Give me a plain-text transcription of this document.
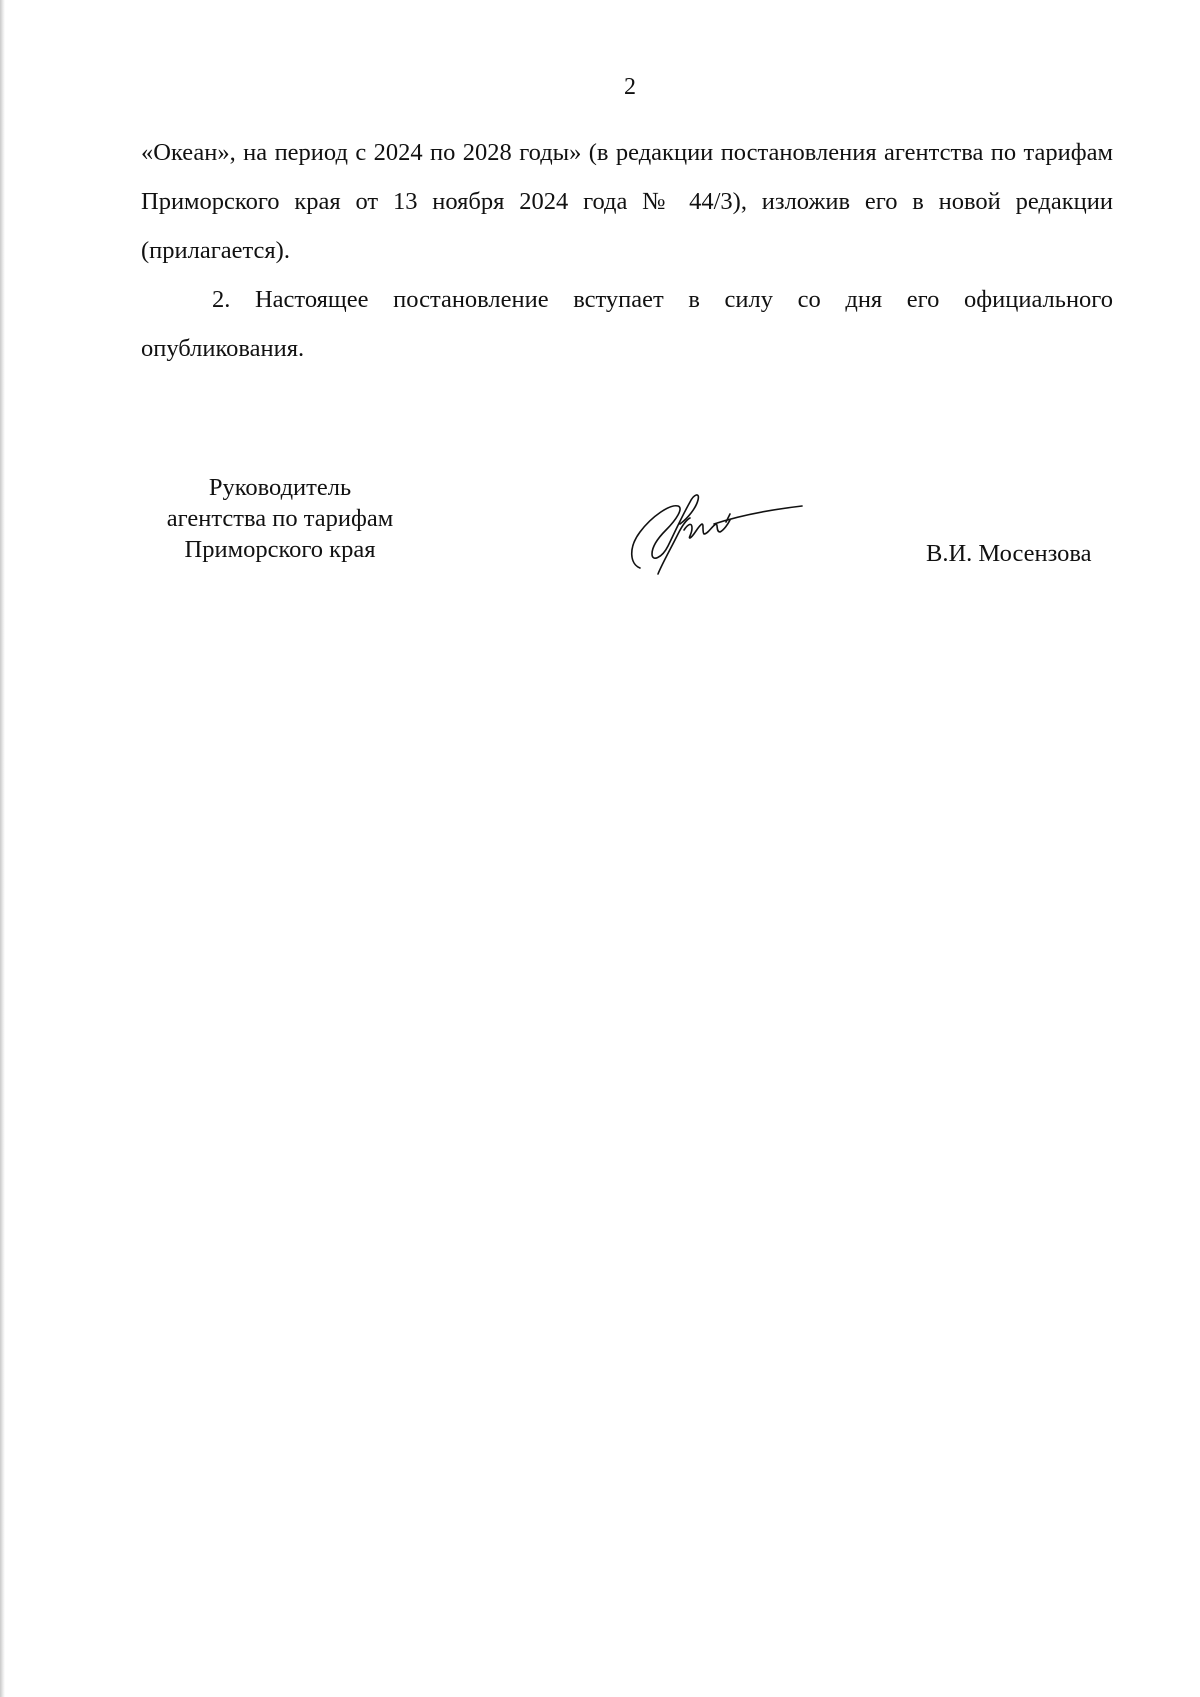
2

«Океан», на период с 2024 по 2028 годы» (в редакции постановления агентства по тарифам Приморского края от 13 ноября 2024 года № 44/3), изложив его в новой редакции (прилагается).

2. Настоящее постановление вступает в силу со дня его официального опубликования.

Руководитель
агентства по тарифам
Приморского края	В.И. Мосензова
